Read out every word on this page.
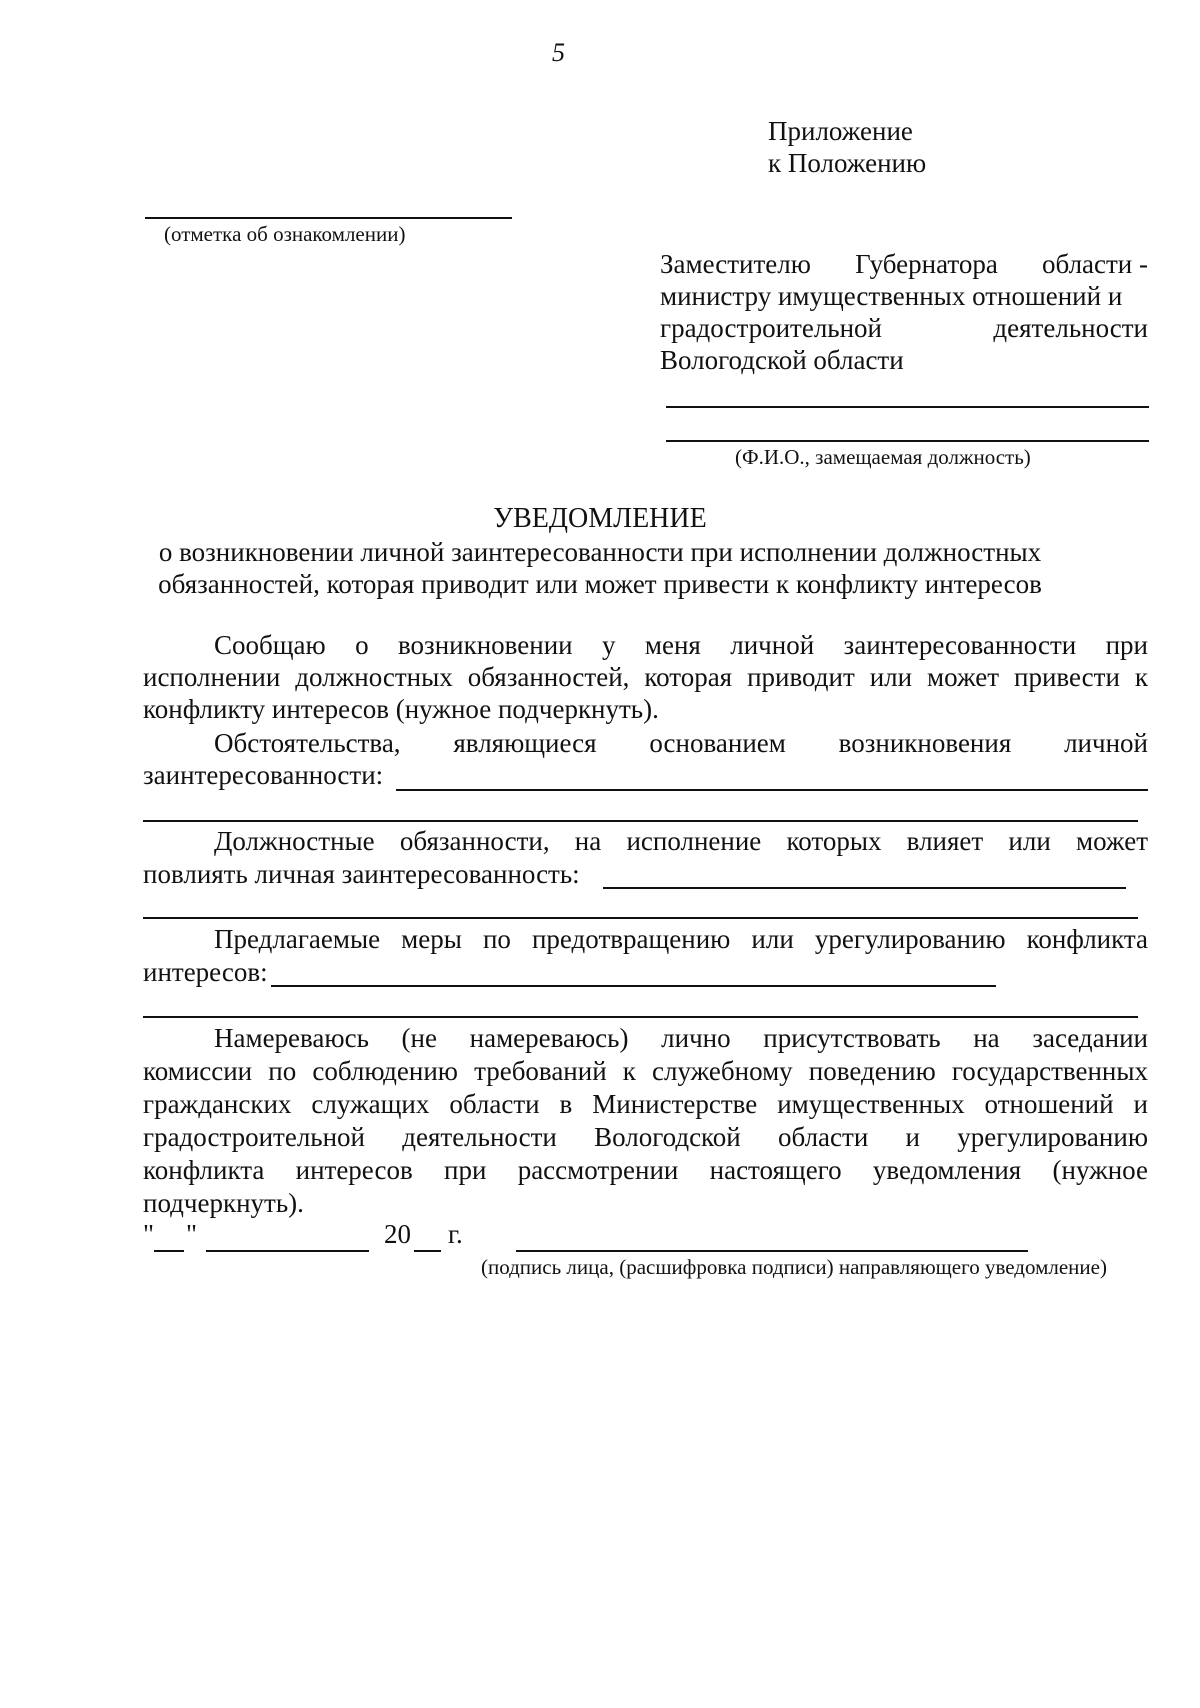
5
Приложение
к Положению
(отметка об ознакомлении)
Заместителю Губернатора области -
министру имущественных отношений и
градостроительной	деятельности
Вологодской области
(Ф.И.О., замещаемая должность)
УВЕДОМЛЕНИЕ
о возникновении личной заинтересованности при исполнении должностных
обязанностей, которая приводит или может привести к конфликту интересов
Сообщаю о возникновении у меня личной заинтересованности при
исполнении должностных обязанностей, которая приводит или может привести к
конфликту интересов (нужное подчеркнуть).
Обстоятельства, являющиеся основанием возникновения личной
заинтересованности:
Должностные обязанности, на исполнение которых влияет или может
повлиять личная заинтересованность:
Предлагаемые меры по предотвращению или урегулированию конфликта
интересов:
Намереваюсь (не намереваюсь) лично присутствовать на заседании
комиссии по соблюдению требований к служебному поведению государственных
гражданских служащих области в Министерстве имущественных отношений и
градостроительной деятельности Вологодской области и урегулированию
конфликта интересов при рассмотрении настоящего уведомления (нужное
подчеркнуть).
" "	20 г.
(подпись лица, (расшифровка подписи) направляющего уведомление)
